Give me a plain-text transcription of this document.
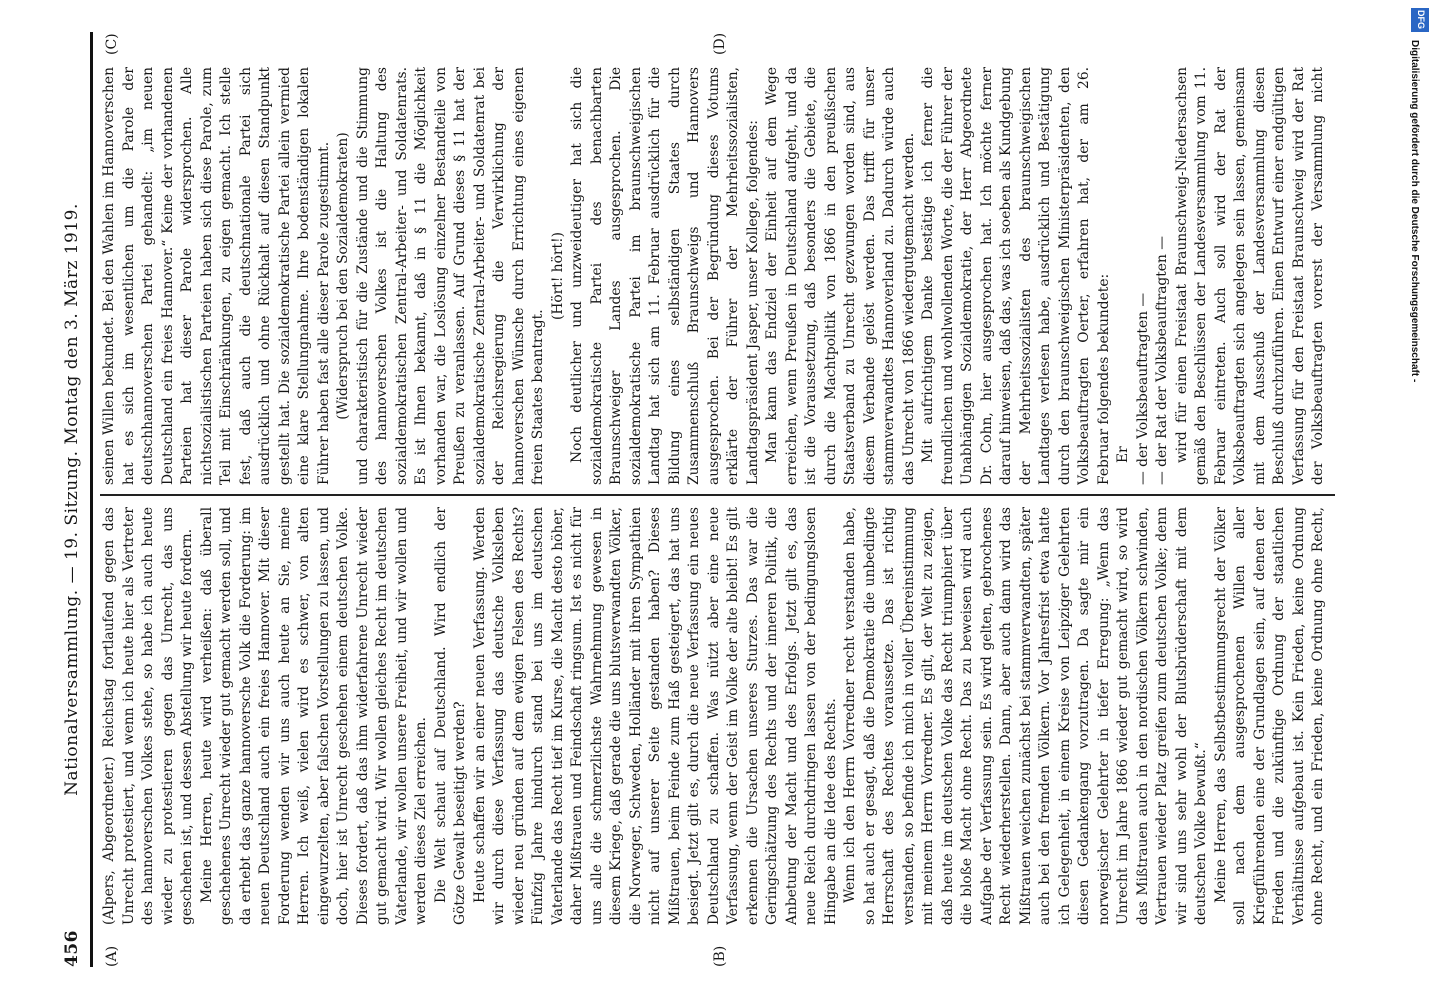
456
Nationalversammlung. — 19. Sitzung. Montag den 3. März 1919.
(A)	(B)
(C)	(D)

(Alpers, Abgeordneter.) Reichstag fortlaufend gegen das Unrecht protestiert, und wenn ich heute hier als Vertreter des hannoverschen Volkes stehe, so habe ich auch heute wieder zu protestieren gegen das Unrecht, das uns geschehen ist, und dessen Abstellung wir heute fordern. Meine Herren, heute wird verheißen: daß überall geschehenes Unrecht wieder gut gemacht werden soll, und da erhebt das ganze hannoversche Volk die Forderung: im neuen Deutschland auch ein freies Hannover. Mit dieser Forderung wenden wir uns auch heute an Sie, meine Herren. Ich weiß, vielen wird es schwer, von alten eingewurzelten, aber falschen Vorstellungen zu lassen, und doch, hier ist Unrecht geschehen einem deutschen Volke. Dieses fordert, daß das ihm widerfahrene Unrecht wieder gut gemacht wird. Wir wollen gleiches Recht im deutschen Vaterlande, wir wollen unsere Freiheit, und wir wollen und werden dieses Ziel erreichen. Die Welt schaut auf Deutschland. Wird endlich der Götze Gewalt beseitigt werden? Heute schaffen wir an einer neuen Verfassung. Werden wir durch diese Verfassung das deutsche Volksleben wieder neu gründen auf dem ewigen Felsen des Rechts? Fünfzig Jahre hindurch stand bei uns im deutschen Vaterlande das Recht tief im Kurse, die Macht desto höher, daher Mißtrauen und Feindschaft ringsum. Ist es nicht für uns alle die schmerzlichste Wahrnehmung gewesen in diesem Kriege, daß gerade die uns blutsverwandten Völker, die Norweger, Schweden, Holländer mit ihren Sympathien nicht auf unserer Seite gestanden haben? Dieses Mißtrauen, beim Feinde zum Haß gesteigert, das hat uns besiegt. Jetzt gilt es, durch die neue Verfassung ein neues Deutschland zu schaffen. Was nützt aber eine neue Verfassung, wenn der Geist im Volke der alte bleibt! Es gilt erkennen die Ursachen unseres Sturzes. Das war die Geringschätzung des Rechts und der inneren Politik, die Anbetung der Macht und des Erfolgs. Jetzt gilt es, das neue Reich durchdringen lassen von der bedingungslosen Hingabe an die Idee des Rechts. Wenn ich den Herrn Vorredner recht verstanden habe, so hat auch er gesagt, daß die Demokratie die unbedingte Herrschaft des Rechtes voraussetze. Das ist richtig verstanden, so befinde ich mich in voller Übereinstimmung mit meinem Herrn Vorredner. Es gilt, der Welt zu zeigen, daß heute im deutschen Volke das Recht triumphiert über die bloße Macht ohne Recht. Das zu beweisen wird auch Aufgabe der Verfassung sein. Es wird gelten, gebrochenes Recht wiederherstellen. Dann, aber auch dann wird das Mißtrauen weichen zunächst bei stammverwandten, später auch bei den fremden Völkern. Vor Jahresfrist etwa hatte ich Gelegenheit, in einem Kreise von Leipziger Gelehrten diesen Gedankengang vorzutragen. Da sagte mir ein norwegischer Gelehrter in tiefer Erregung: „Wenn das Unrecht im Jahre 1866 wieder gut gemacht wird, so wird das Mißtrauen auch in den nordischen Völkern schwinden, Vertrauen wieder Platz greifen zum deutschen Volke; denn wir sind uns sehr wohl der Blutsbrüderschaft mit dem deutschen Volke bewußt.“ Meine Herren, das Selbstbestimmungsrecht der Völker soll nach dem ausgesprochenen Willen aller Kriegführenden eine der Grundlagen sein, auf denen der Frieden und die zukünftige Ordnung der staatlichen Verhältnisse aufgebaut ist. Kein Frieden, keine Ordnung ohne Recht, und ein Frieden, keine Ordnung ohne Recht,

seinen Willen bekundet. Bei den Wahlen im Hannoverschen hat es sich im wesentlichen um die Parole der deutschhannoverschen Partei gehandelt: „im neuen Deutschland ein freies Hannover.“ Keine der vorhandenen Parteien hat dieser Parole widersprochen. Alle nichtsozialistischen Parteien haben sich diese Parole, zum Teil mit Einschränkungen, zu eigen gemacht. Ich stelle fest, daß auch die deutschnationale Partei sich ausdrücklich und ohne Rückhalt auf diesen Standpunkt gestellt hat. Die sozialdemokratische Partei allein vermied eine klare Stellungnahme. Ihre bodenständigen lokalen Führer haben fast alle dieser Parole zugestimmt. (Widerspruch bei den Sozialdemokraten) und charakteristisch für die Zustände und die Stimmung des hannoverschen Volkes ist die Haltung des sozialdemokratischen Zentral-Arbeiter- und Soldatenrats. Es ist Ihnen bekannt, daß in § 11 die Möglichkeit vorhanden war, die Loslösung einzelner Bestandteile von Preußen zu veranlassen. Auf Grund dieses § 11 hat der sozialdemokratische Zentral-Arbeiter- und Soldatenrat bei der Reichsregierung die Verwirklichung der hannoverschen Wünsche durch Errichtung eines eigenen freien Staates beantragt.

(Hört! hört!) Noch deutlicher und unzweideutiger hat sich die sozialdemokratische Partei des benachbarten Braunschweiger Landes ausgesprochen. Die sozialdemokratische Partei im braunschweigischen Landtag hat sich am 11. Februar ausdrücklich für die Bildung eines selbständigen Staates durch Zusammenschluß Braunschweigs und Hannovers ausgesprochen. Bei der Begründung dieses Votums erklärte der Führer der Mehrheitssozialisten, Landtagspräsident Jasper, unser Kollege, folgendes: Man kann das Endziel der Einheit auf dem Wege erreichen, wenn Preußen in Deutschland aufgeht, und da ist die Voraussetzung, daß besonders die Gebiete, die durch die Machtpolitik von 1866 in den preußischen Staatsverband zu Unrecht gezwungen worden sind, aus diesem Verbande gelöst werden. Das trifft für unser stammverwandtes Hannoverland zu. Dadurch würde auch das Unrecht von 1866 wiedergutgemacht werden. Mit aufrichtigem Danke bestätige ich ferner die freundlichen und wohlwollenden Worte, die der Führer der Unabhängigen Sozialdemokratie, der Herr Abgeordnete Dr. Cohn, hier ausgesprochen hat. Ich möchte ferner darauf hinweisen, daß das, was ich soeben als Kundgebung der Mehrheitssozialisten des braunschweigischen Landtages verlesen habe, ausdrücklich und Bestätigung durch den braunschweigischen Ministerpräsidenten, den Volksbeauftragten Oerter, erfahren hat, der am 26. Februar folgendes bekundete: Er — der Volksbeauftragten — — der Rat der Volksbeauftragten — wird für einen Freistaat Braunschweig-Niedersachsen gemäß den Beschlüssen der Landesversammlung vom 11. Februar eintreten. Auch soll wird der Rat der Volksbeauftragten sich angelegen sein lassen, gemeinsam mit dem Ausschuß der Landesversammlung diesen Beschluß durchzuführen. Einen Entwurf einer endgültigen Verfassung für den Freistaat Braunschweig wird der Rat der Volksbeauftragten vorerst der Versammlung nicht

DFG
Digitalisierung gefördert durch die Deutsche Forschungsgemeinschaft -
